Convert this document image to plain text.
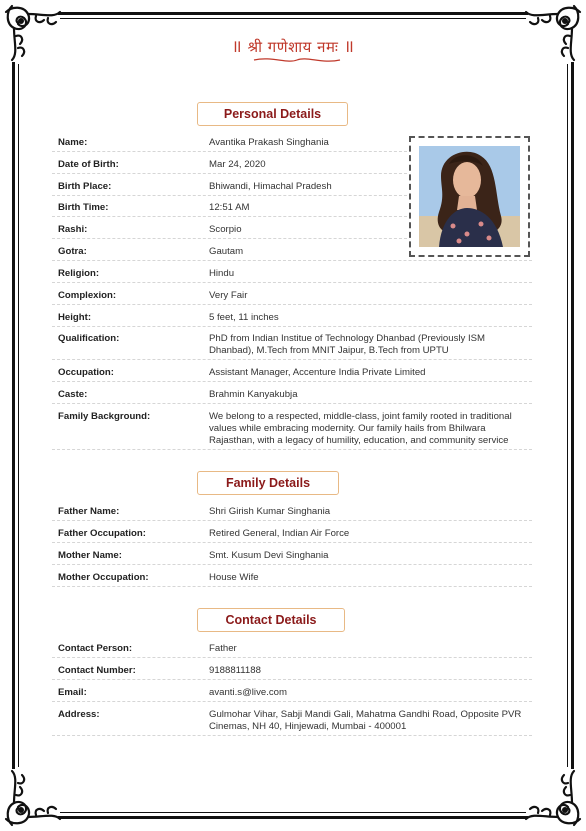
॥ श्री गणेशाय नमः ॥
Personal Details
Name:	Avantika Prakash Singhania
Date of Birth:	Mar 24, 2020
Birth Place:	Bhiwandi, Himachal Pradesh
Birth Time:	12:51 AM
Rashi:	Scorpio
Gotra:	Gautam
Religion:	Hindu
Complexion:	Very Fair
Height:	5 feet, 11 inches
Qualification:	PhD from Indian Institue of Technology Dhanbad (Previously ISM
Dhanbad), M.Tech from MNIT Jaipur, B.Tech from UPTU
Occupation:	Assistant Manager, Accenture India Private Limited
Caste:	Brahmin Kanyakubja
Family Background:	We belong to a respected, middle-class, joint family rooted in traditional
values while embracing modernity. Our family hails from Bhilwara
Rajasthan, with a legacy of humility, education, and community service
Family Details
Father Name:	Shri Girish Kumar Singhania
Father Occupation:	Retired General, Indian Air Force
Mother Name:	Smt. Kusum Devi Singhania
Mother Occupation:	House Wife
Contact Details
Contact Person:	Father
Contact Number:	9188811188
Email:	avanti.s@live.com
Address:	Gulmohar Vihar, Sabji Mandi Gali, Mahatma Gandhi Road, Opposite PVR
Cinemas, NH 40, Hinjewadi, Mumbai - 400001
